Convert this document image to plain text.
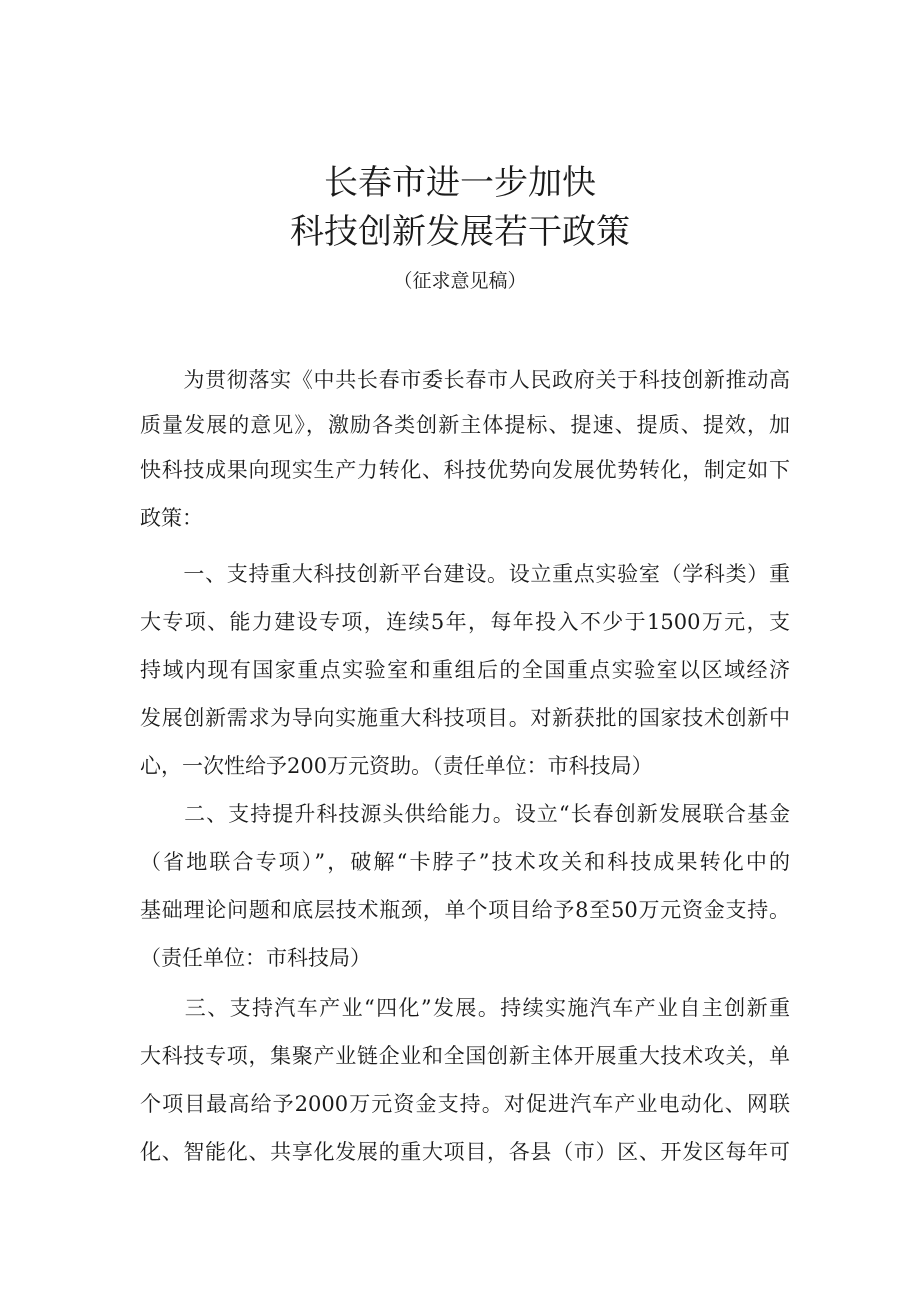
长春市进一步加快
科技创新发展若干政策

（征求意见稿）

　　为贯彻落实《中共长春市委长春市人民政府关于科技创新推动高

质量发展的意见》，激励各类创新主体提标、提速、提质、提效，加

快科技成果向现实生产力转化、科技优势向发展优势转化，制定如下

政策：

　　一、支持重大科技创新平台建设。设立重点实验室（学科类）重

大专项、能力建设专项，连续5年，每年投入不少于1500万元，支

持域内现有国家重点实验室和重组后的全国重点实验室以区域经济

发展创新需求为导向实施重大科技项目。对新获批的国家技术创新中

心，一次性给予200万元资助。（责任单位：市科技局）

　　二、支持提升科技源头供给能力。设立“长春创新发展联合基金

（省地联合专项）”，破解“卡脖子”技术攻关和科技成果转化中的

基础理论问题和底层技术瓶颈，单个项目给予8至50万元资金支持。

（责任单位：市科技局）

　　三、支持汽车产业“四化”发展。持续实施汽车产业自主创新重

大科技专项，集聚产业链企业和全国创新主体开展重大技术攻关，单

个项目最高给予2000万元资金支持。对促进汽车产业电动化、网联

化、智能化、共享化发展的重大项目，各县（市）区、开发区每年可
